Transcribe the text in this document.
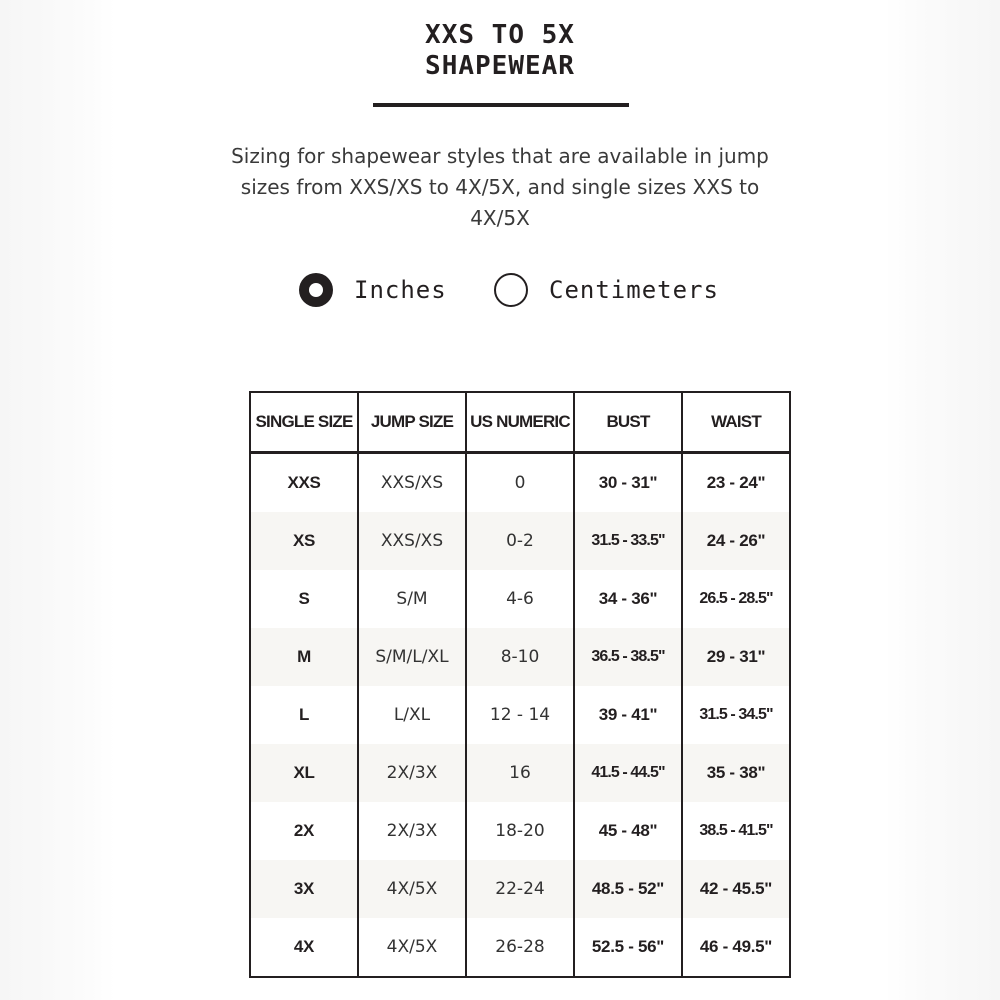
XXS TO 5X
SHAPEWEAR

Sizing for shapewear styles that are available in jump sizes from XXS/XS to 4X/5X, and single sizes XXS to 4X/5X

Inches	Centimeters
SINGLE SIZE	JUMP SIZE	US NUMERIC	BUST	WAIST
XXS	XXS/XS	0	30 - 31"	23 - 24"
XS	XXS/XS	0-2	31.5 - 33.5"	24 - 26"
S	S/M	4-6	34 - 36"	26.5 - 28.5"
M	S/M/L/XL	8-10	36.5 - 38.5"	29 - 31"
L	L/XL	12 - 14	39 - 41"	31.5 - 34.5"
XL	2X/3X	16	41.5 - 44.5"	35 - 38"
2X	2X/3X	18-20	45 - 48"	38.5 - 41.5"
3X	4X/5X	22-24	48.5 - 52"	42 - 45.5"
4X	4X/5X	26-28	52.5 - 56"	46 - 49.5"
